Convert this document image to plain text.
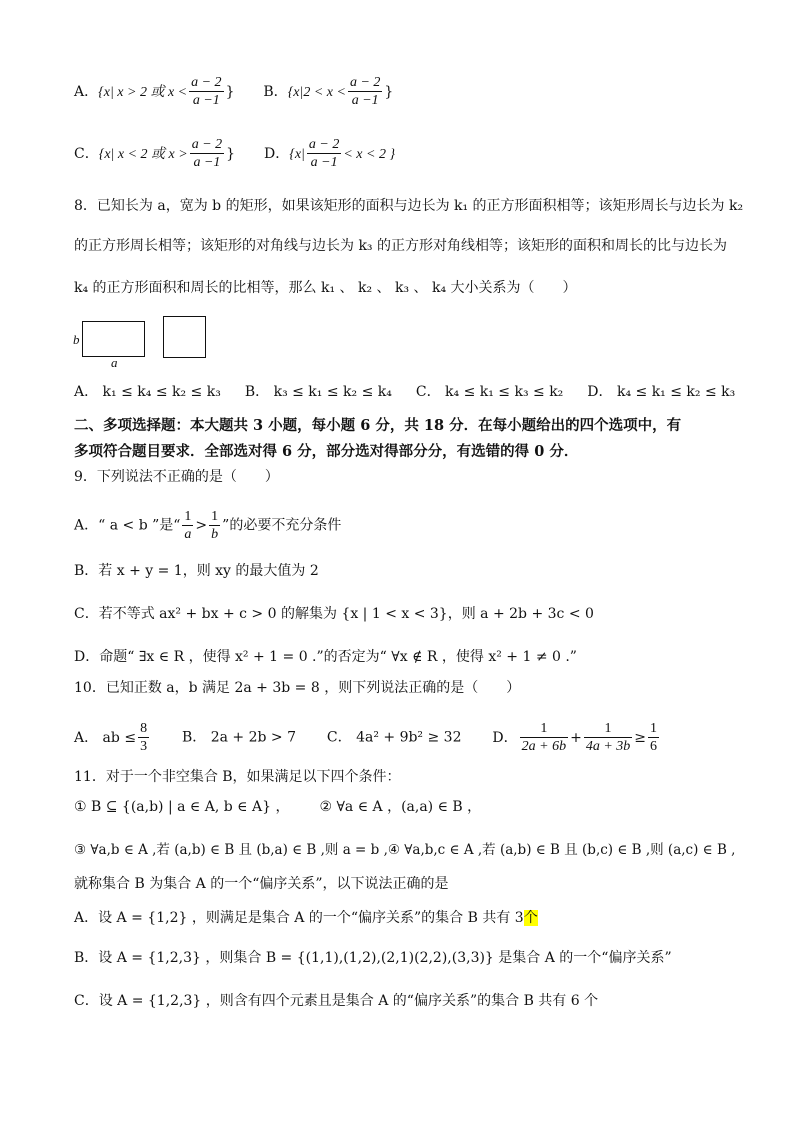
A．{x| x > 2 或 $x < \frac{a - 2}{a -1}$ } B．{$x|2 < x < \frac{a - 2}{a -1}$ }
C．{x| x < 2 或 $x > \frac{a - 2}{a -1}$ } D．{$x| \frac{a - 2}{a -1} < x < 2$ }
8．已知长为 a，宽为 b 的矩形，如果该矩形的面积与边长为 k₁ 的正方形面积相等；该矩形周长与边长为 k₂
的正方形周长相等；该矩形的对角线与边长为 k₃ 的正方形对角线相等；该矩形的面积和周长的比与边长为
k₄ 的正方形面积和周长的比相等，那么 k₁ 、 k₂ 、 k₃ 、 k₄ 大小关系为（　　）
b
a
A． k₁ ≤ k₄ ≤ k₂ ≤ k₃ B． k₃ ≤ k₁ ≤ k₂ ≤ k₄ C． k₄ ≤ k₁ ≤ k₃ ≤ k₂ D． k₄ ≤ k₁ ≤ k₂ ≤ k₃
二、多项选择题：本大题共 3 小题，每小题 6 分，共 18 分．在每小题给出的四个选项中，有
多项符合题目要求．全部选对得 6 分，部分选对得部分分，有选错的得 0 分．
9．下列说法不正确的是（　　）
A．“ a < b ”是“ $\frac{1}{a} > \frac{1}{b}$ ”的必要不充分条件
B．若 x + y = 1，则 xy 的最大值为 2
C．若不等式 ax² + bx + c > 0 的解集为 {x | 1 < x < 3}，则 a + 2b + 3c < 0
D．命题“ ∃x ∈ R ，使得 x² + 1 = 0 .”的否定为“ ∀x ∉ R ，使得 x² + 1 ≠ 0 .”
10．已知正数 a，b 满足 2a + 3b = 8 ，则下列说法正确的是（　　）
A． ab ≤ $\frac{8}{3}$ B． 2a + 2b > 7 C． 4a² + 9b² ≥ 32 D． $\frac{1}{2a + 6b} + \frac{1}{4a + 3b} \ge \frac{1}{6}$
11．对于一个非空集合 B，如果满足以下四个条件：
① B ⊆ {(a,b) | a ∈ A, b ∈ A} ， ② ∀a ∈ A ，(a,a) ∈ B ，
③ ∀a,b ∈ A ,若 (a,b) ∈ B 且 (b,a) ∈ B ,则 a = b ,④ ∀a,b,c ∈ A ,若 (a,b) ∈ B 且 (b,c) ∈ B ,则 (a,c) ∈ B ,
就称集合 B 为集合 A 的一个“偏序关系”，以下说法正确的是
A．设 A = {1,2} ，则满足是集合 A 的一个“偏序关系”的集合 B 共有 3个
B．设 A = {1,2,3} ，则集合 B = {(1,1),(1,2),(2,1)(2,2),(3,3)} 是集合 A 的一个“偏序关系”
C．设 A = {1,2,3} ，则含有四个元素且是集合 A 的“偏序关系”的集合 B 共有 6 个
